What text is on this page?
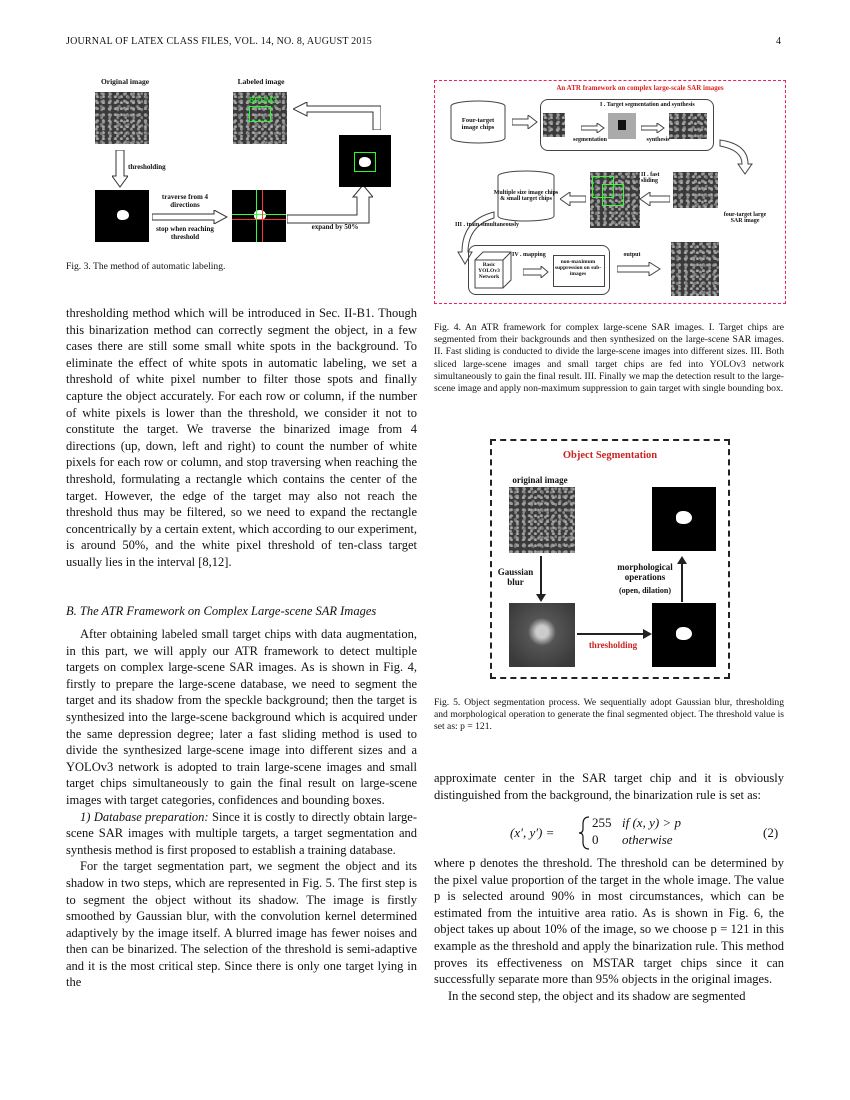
JOURNAL OF LATEX CLASS FILES, VOL. 14, NO. 8, AUGUST 2015	4
Original image	Labeled image
BRDM2
thresholding
traverse from 4 directions
stop when reaching threshold
expand by 50%
Fig. 3. The method of automatic labeling.

thresholding method which will be introduced in Sec. II-B1. Though this binarization method can correctly segment the object, in a few cases there are still some small white spots in the background. To eliminate the effect of white spots in automatic labeling, we set a threshold of white pixel number to filter those spots and finally capture the object accurately. For each row or column, if the number of white pixels is lower than the threshold, we consider it not to constitute the target. We traverse the binarized image from 4 directions (up, down, left and right) to count the number of white pixels for each row or column, and stop traversing when reaching the threshold, formulating a rectangle which contains the center of the target. However, the edge of the target may also not reach the threshold thus may be filtered, so we need to expand the rectangle concentrically by a certain extent, which according to our experiment, is around 50%, and the white pixel threshold of ten-class target usually lies in the interval [8,12].

B. The ATR Framework on Complex Large-scene SAR Images

After obtaining labeled small target chips with data augmentation, in this part, we will apply our ATR framework to detect multiple targets on complex large-scene SAR images. As is shown in Fig. 4, firstly to prepare the large-scene database, we need to segment the target and its shadow from the speckle background; then the target is synthesized into the large-scene background which is acquired under the same depression degree; later a fast sliding method is used to divide the synthesized large-scene image into different sizes and a YOLOv3 network is adopted to train large-scene images and small target chips simultaneously to gain the final result on large-scene images with target categories, confidences and bounding boxes.

1) Database preparation: Since it is costly to directly obtain large-scene SAR images with multiple targets, a target segmentation and synthesis method is first proposed to establish a training database.

For the target segmentation part, we segment the object and its shadow in two steps, which are represented in Fig. 5. The first step is to segment the object without its shadow. The image is firstly smoothed by Gaussian blur, with the convolution kernel determined adaptively by the image itself. A blurred image has fewer noises and then can be binarized. The selection of the threshold is semi-adaptive and it is the most critical step. Since there is only one target lying in the

An ATR framework on complex large-scale SAR images
Four-target image chips
I . Target segmentation and synthesis
segmentation	synthesis
Multiple size image chips & small target chips
II . fast sliding
four-target large SAR image
III . train simultaneously
Basic YOLOv3 Network
IV . mapping
non-maximum suppression on sub-images
output
Fig. 4. An ATR framework for complex large-scene SAR images. I. Target chips are segmented from their backgrounds and then synthesized on the large-scene SAR images. II. Fast sliding is conducted to divide the large-scene images into different sizes. III. Both sliced large-scene images and small target chips are fed into YOLOv3 network simultaneously to gain the final result. III. Finally we map the detection result to the large-scene image and apply non-maximum suppression to gain target with single bounding box.
Object Segmentation
original image
Gaussian blur
thresholding
morphological operations
(open, dilation)
Fig. 5. Object segmentation process. We sequentially adopt Gaussian blur, thresholding and morphological operation to generate the final segmented object. The threshold value is set as: p = 121.

approximate center in the SAR target chip and it is obviously distinguished from the background, the binarization rule is set as:

(x′, y′) =
255 if (x, y) > p
0 otherwise	(2)

where p denotes the threshold. The threshold can be determined by the pixel value proportion of the target in the whole image. The value p is selected around 90% in most circumstances, which can be estimated from the intuitive area ratio. As is shown in Fig. 6, the object takes up about 10% of the image, so we choose p = 121 in this example as the threshold and apply the binarization rule. This method proves its effectiveness on MSTAR target chips since it can successfully separate more than 95% objects in the original images.

In the second step, the object and its shadow are segmented
